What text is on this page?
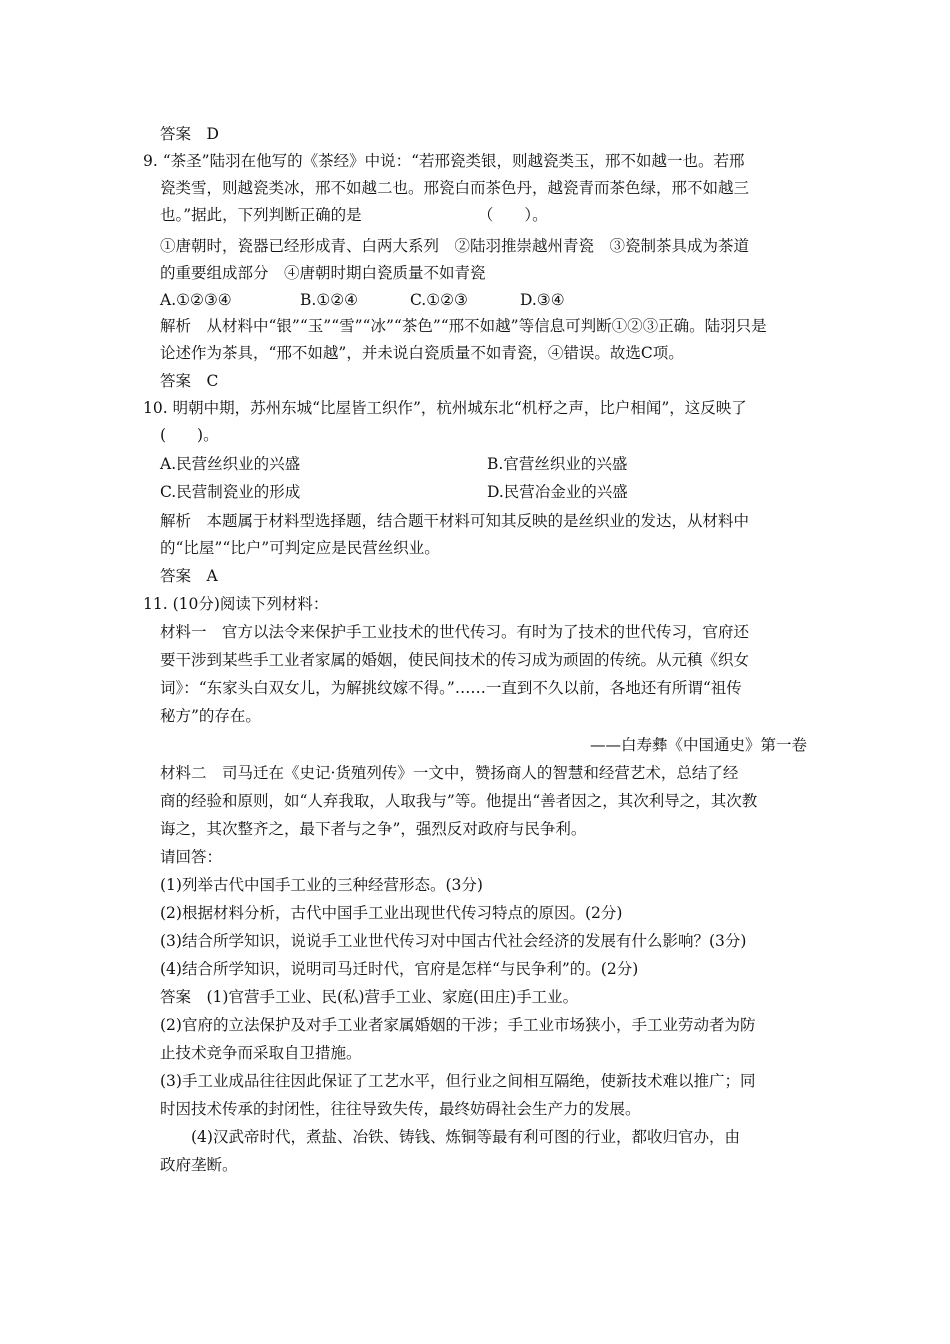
答案　D
9. “茶圣”陆羽在他写的《茶经》中说：“若邢瓷类银，则越瓷类玉，邢不如越一也。若邢
瓷类雪，则越瓷类冰，邢不如越二也。邢瓷白而茶色丹，越瓷青而茶色绿，邢不如越三
也。”据此，下列判断正确的是　　　　　　　　（　　）。
①唐朝时，瓷器已经形成青、白两大系列　②陆羽推崇越州青瓷　③瓷制茶具成为茶道
的重要组成部分　④唐朝时期白瓷质量不如青瓷
A.①②③④	B.①②④	C.①②③	D.③④
解析　从材料中“银”“玉”“雪”“冰”“茶色”“邢不如越”等信息可判断①②③正确。陆羽只是
论述作为茶具，“邢不如越”，并未说白瓷质量不如青瓷，④错误。故选C项。
答案　C
10. 明朝中期，苏州东城“比屋皆工织作”，杭州城东北“机杼之声，比户相闻”，这反映了
(　　)。
A.民营丝织业的兴盛	B.官营丝织业的兴盛
C.民营制瓷业的形成	D.民营冶金业的兴盛
解析　本题属于材料型选择题，结合题干材料可知其反映的是丝织业的发达，从材料中
的“比屋”“比户”可判定应是民营丝织业。
答案　A
11. (10分)阅读下列材料：
材料一　官方以法令来保护手工业技术的世代传习。有时为了技术的世代传习，官府还
要干涉到某些手工业者家属的婚姻，使民间技术的传习成为顽固的传统。从元稹《织女
词》：“东家头白双女儿，为解挑纹嫁不得。”……一直到不久以前，各地还有所谓“祖传
秘方”的存在。
——白寿彝《中国通史》第一卷
材料二　司马迁在《史记·货殖列传》一文中，赞扬商人的智慧和经营艺术，总结了经
商的经验和原则，如“人弃我取，人取我与”等。他提出“善者因之，其次利导之，其次教
诲之，其次整齐之，最下者与之争”，强烈反对政府与民争利。
请回答：
(1)列举古代中国手工业的三种经营形态。(3分)
(2)根据材料分析，古代中国手工业出现世代传习特点的原因。(2分)
(3)结合所学知识，说说手工业世代传习对中国古代社会经济的发展有什么影响？(3分)
(4)结合所学知识，说明司马迁时代，官府是怎样“与民争利”的。(2分)
答案　(1)官营手工业、民(私)营手工业、家庭(田庄)手工业。
(2)官府的立法保护及对手工业者家属婚姻的干涉；手工业市场狭小，手工业劳动者为防
止技术竞争而采取自卫措施。
(3)手工业成品往往因此保证了工艺水平，但行业之间相互隔绝，使新技术难以推广；同
时因技术传承的封闭性，往往导致失传，最终妨碍社会生产力的发展。
　　(4)汉武帝时代，煮盐、冶铁、铸钱、炼铜等最有利可图的行业，都收归官办，由
政府垄断。
